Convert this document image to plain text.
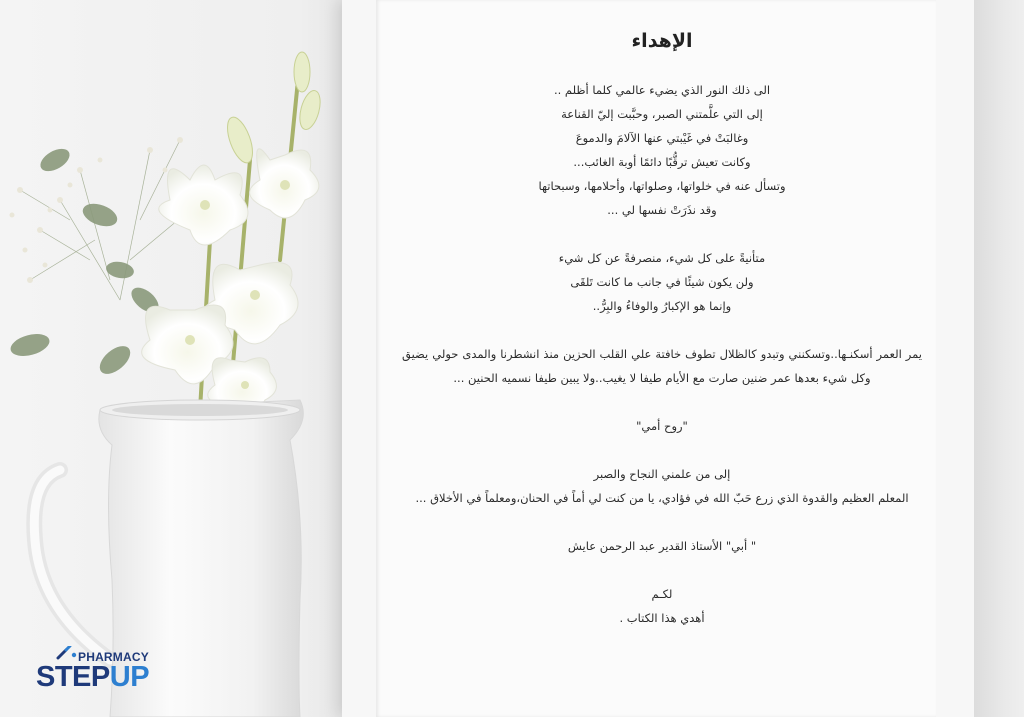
الإهداء
الى ذلك النور الذي يضيء عالمي كلما أظلم ..
إلى التي علَّمتني الصبر، وحبَّبت إليّ القناعة
وغالبَتْ في غَيْبتي عنها الآلامَ والدموعَ
وكانت تعيش ترقُّبًا دائمًا أوبة الغائب...
وتسأل عنه في خلواتها، وصلواتها، وأحلامها، وسبحاتها
وقد نذَرَتْ نفسها لي ...
متأنيةً على كل شيء، منصرفةً عن كل شيء
ولن يكون شيئًا في جانب ما كانت تَلقَى
وإنما هو الإكبارُ والوفاءُ والبِرُّ..
يمر العمر أسكنـها..وتسكنني وتبدو كالظلال تطوف خافتة علي القلب الحزين منذ انشطرنا والمدى حولي يضيق وكل شيء بعدها عمر ضنين صارت مع الأيام طيفا لا يغيب..ولا يبين طيفا نسميه الحنين ...
"روح أمي"
إلى من علمني النجاح والصبر
المعلم العظيم والقدوة الذي زرع حَبّ الله في فؤادي، يا من كنت لي أماً في الحنان،ومعلماً في الأخلاق ...
" أبي" الأستاذ القدير عبد الرحمن عايش
لكـم
أهدي هذا الكتاب .
PHARMACY
STEPUP
